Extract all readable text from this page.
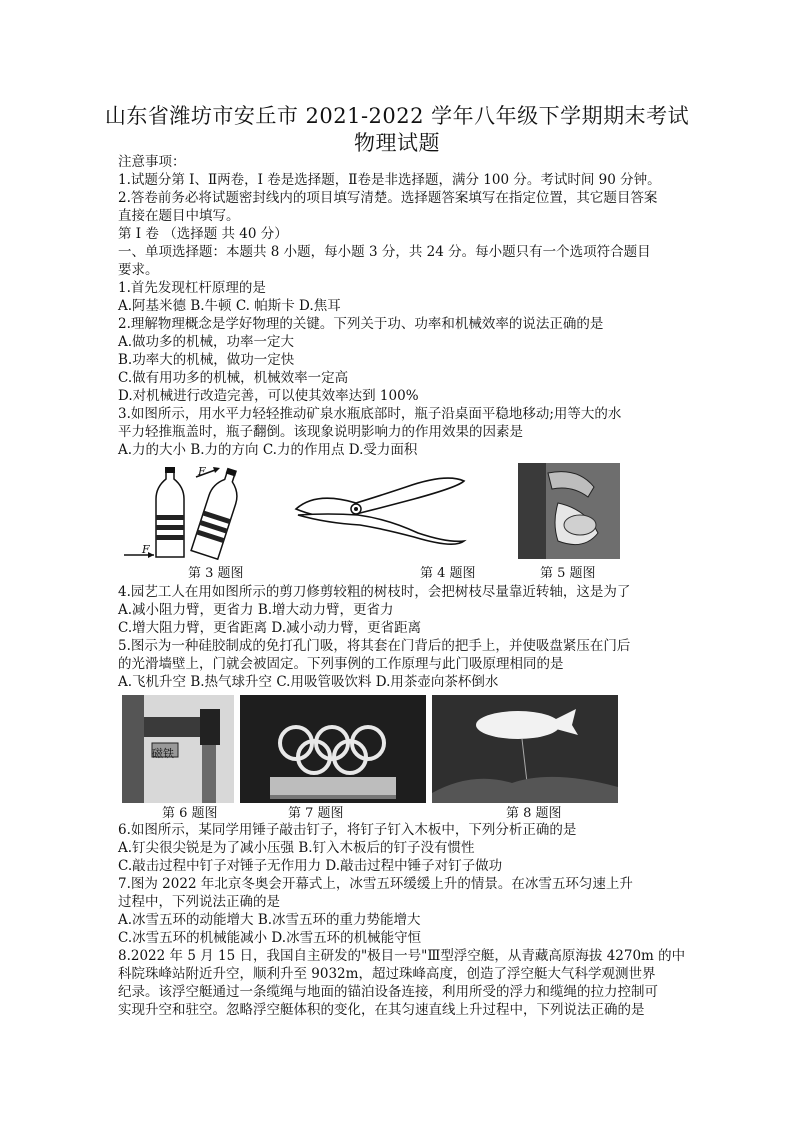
山东省潍坊市安丘市 2021-2022 学年八年级下学期期末考试
物理试题

注意事项：

1.试题分第 I、Ⅱ两卷，I 卷是选择题，Ⅱ卷是非选择题，满分 100 分。考试时间 90 分钟。

2.答卷前务必将试题密封线内的项目填写清楚。选择题答案填写在指定位置，其它题目答案

直接在题目中填写。

第 I 卷 （选择题 共 40 分）

一、单项选择题：本题共 8 小题，每小题 3 分，共 24 分。每小题只有一个选项符合题目

要求。

1.首先发现杠杆原理的是

A.阿基米德 B.牛顿 C. 帕斯卡 D.焦耳

2.理解物理概念是学好物理的关键。下列关于功、功率和机械效率的说法正确的是

A.做功多的机械，功率一定大

B.功率大的机械，做功一定快

C.做有用功多的机械，机械效率一定高

D.对机械进行改造完善，可以使其效率达到 100%

3.如图所示，用水平力轻轻推动矿泉水瓶底部时，瓶子沿桌面平稳地移动;用等大的水

平力轻推瓶盖时，瓶子翻倒。该现象说明影响力的作用效果的因素是

A.力的大小 B.力的方向 C.力的作用点 D.受力面积

F
F
第 3 题图	第 4 题图	第 5 题图

4.园艺工人在用如图所示的剪刀修剪较粗的树枝时，会把树枝尽量靠近转轴，这是为了

A.减小阻力臂，更省力 B.增大动力臂，更省力

C.增大阻力臂，更省距离 D.减小动力臂，更省距离

5.图示为一种硅胶制成的免打孔门吸，将其套在门背后的把手上，并使吸盘紧压在门后

的光滑墙壁上，门就会被固定。下列事例的工作原理与此门吸原理相同的是

A.飞机升空 B.热气球升空 C.用吸管吸饮料 D.用茶壶向茶杯倒水

磁铁
第 6 题图	第 7 题图	第 8 题图

6.如图所示，某同学用锤子敲击钉子，将钉子钉入木板中，下列分析正确的是

A.钉尖很尖锐是为了减小压强 B.钉入木板后的钉子没有惯性

C.敲击过程中钉子对锤子无作用力 D.敲击过程中锤子对钉子做功

7.图为 2022 年北京冬奥会开幕式上，冰雪五环缓缓上升的情景。在冰雪五环匀速上升

过程中，下列说法正确的是

A.冰雪五环的动能增大 B.冰雪五环的重力势能增大

C.冰雪五环的机械能减小 D.冰雪五环的机械能守恒

8.2022 年 5 月 15 日，我国自主研发的"极目一号"Ⅲ型浮空艇，从青藏高原海拔 4270m 的中

科院珠峰站附近升空，顺利升至 9032m，超过珠峰高度，创造了浮空艇大气科学观测世界

纪录。该浮空艇通过一条缆绳与地面的锚泊设备连接，利用所受的浮力和缆绳的拉力控制可

实现升空和驻空。忽略浮空艇体积的变化，在其匀速直线上升过程中，下列说法正确的是
